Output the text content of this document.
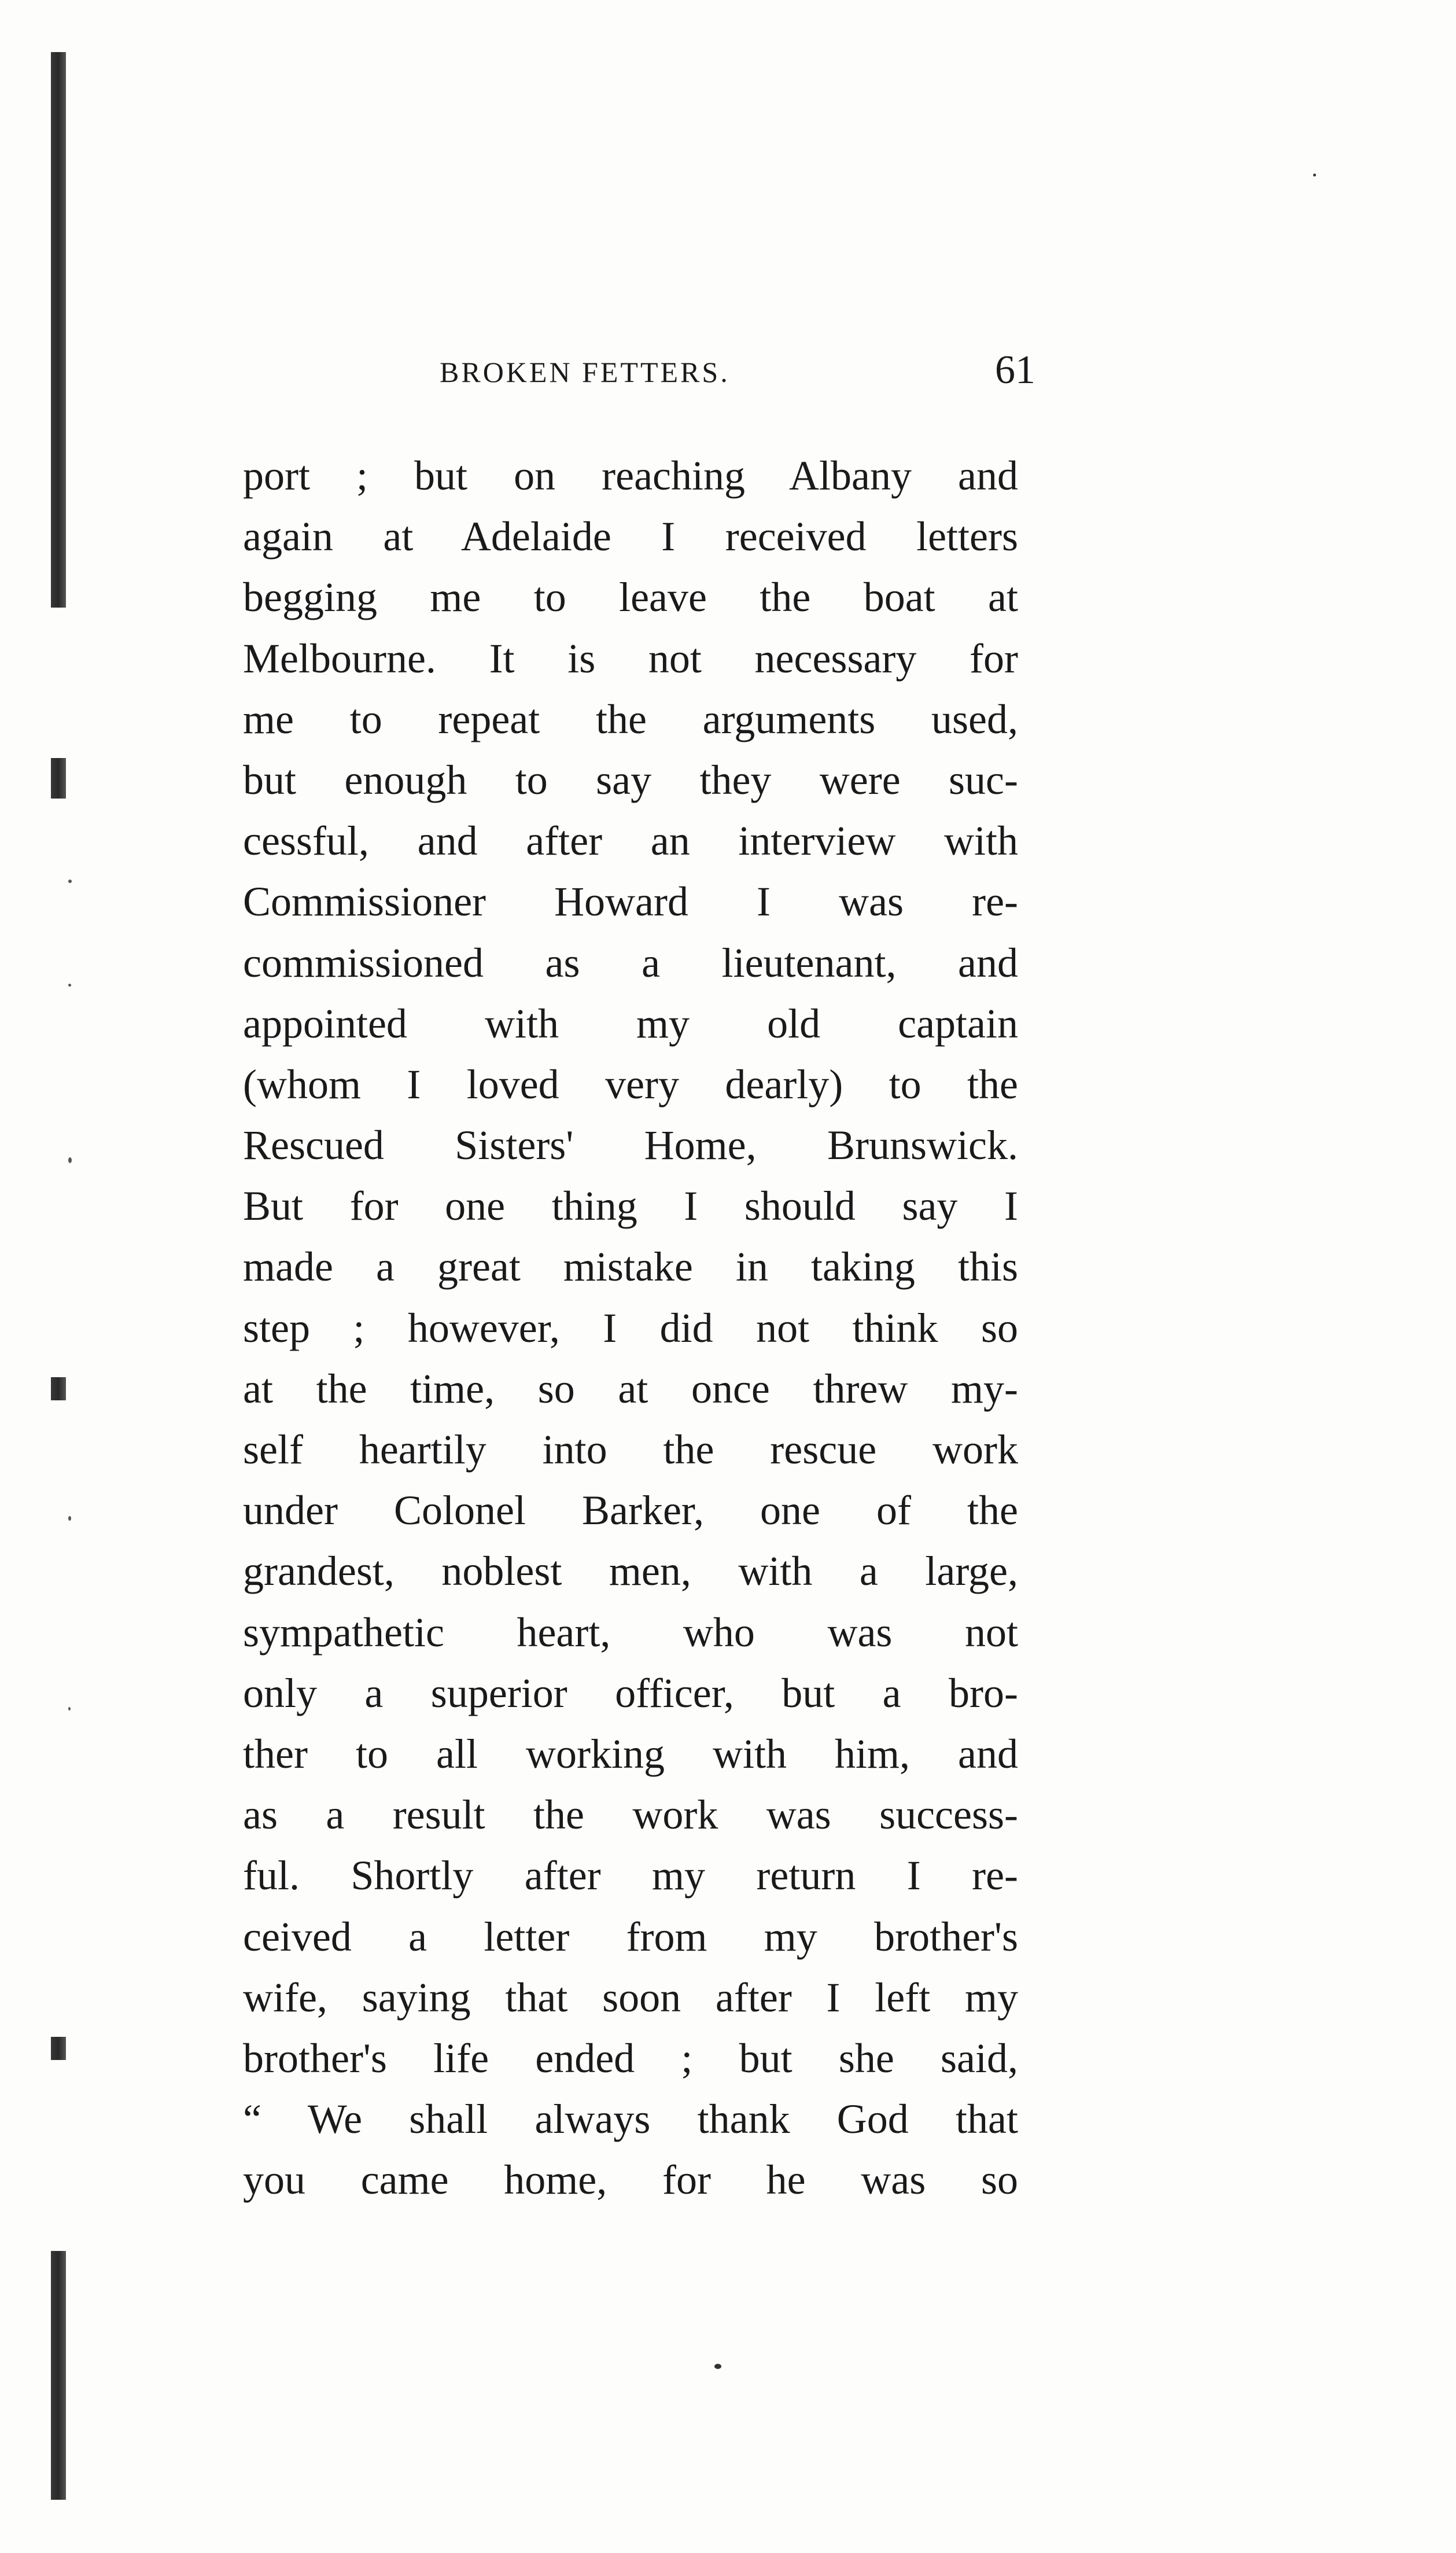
BROKEN FETTERS.	61
port ; but on reaching Albany and
again at Adelaide I received letters
begging me to leave the boat at
Melbourne. It is not necessary for
me to repeat the arguments used,
but enough to say they were suc-
cessful, and after an interview with
Commissioner Howard I was re-
commissioned as a lieutenant, and
appointed with my old captain
(whom I loved very dearly) to the
Rescued Sisters' Home, Brunswick.
But for one thing I should say I
made a great mistake in taking this
step ; however, I did not think so
at the time, so at once threw my-
self heartily into the rescue work
under Colonel Barker, one of the
grandest, noblest men, with a large,
sympathetic heart, who was not
only a superior officer, but a bro-
ther to all working with him, and
as a result the work was success-
ful. Shortly after my return I re-
ceived a letter from my brother's
wife, saying that soon after I left my
brother's life ended ; but she said,
“ We shall always thank God that
you came home, for he was so
